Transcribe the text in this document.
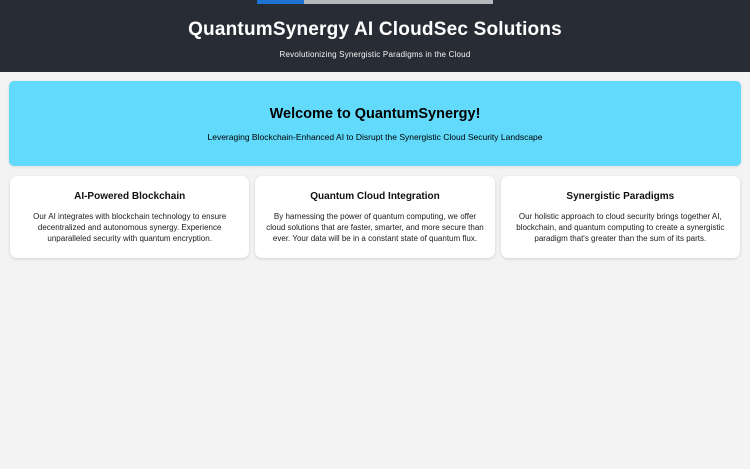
QuantumSynergy AI CloudSec Solutions

Revolutionizing Synergistic Paradigms in the Cloud

Welcome to QuantumSynergy!

Leveraging Blockchain-Enhanced AI to Disrupt the Synergistic Cloud Security Landscape

AI-Powered Blockchain

Our AI integrates with blockchain technology to ensure decentralized and autonomous synergy. Experience unparalleled security with quantum encryption.

Quantum Cloud Integration

By harnessing the power of quantum computing, we offer cloud solutions that are faster, smarter, and more secure than ever. Your data will be in a constant state of quantum flux.

Synergistic Paradigms

Our holistic approach to cloud security brings together AI, blockchain, and quantum computing to create a synergistic paradigm that's greater than the sum of its parts.
